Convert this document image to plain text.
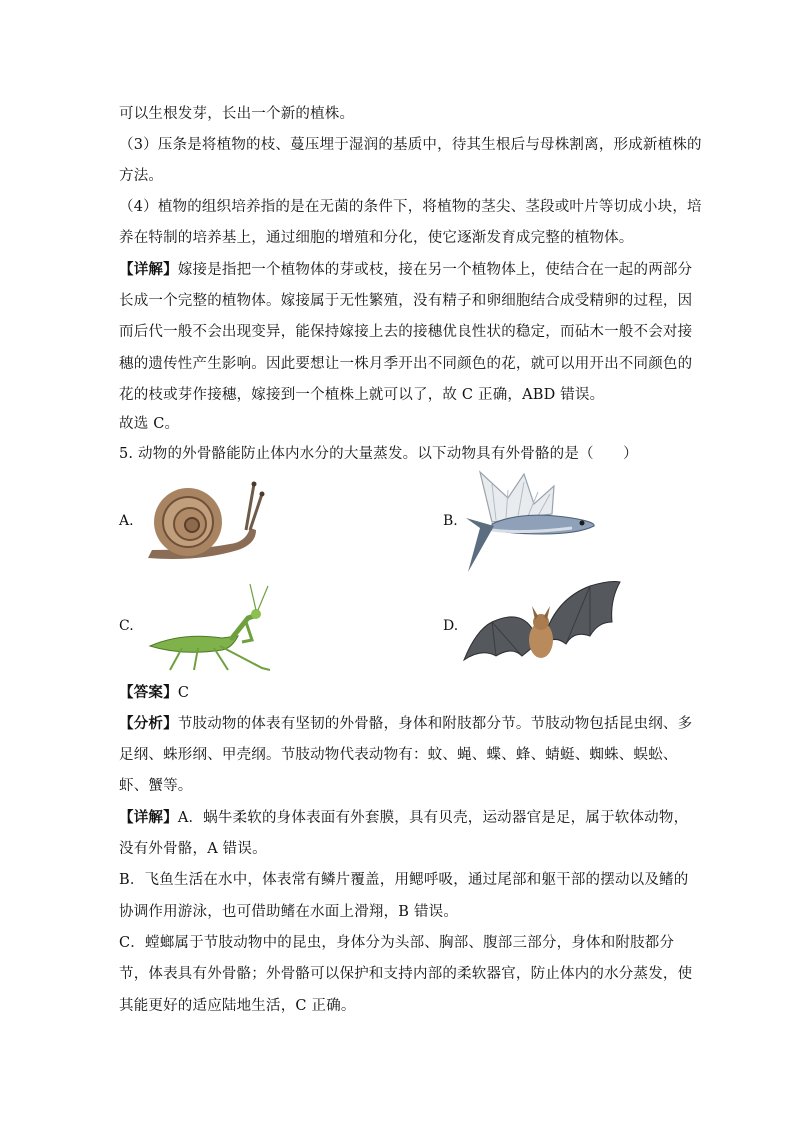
可以生根发芽，长出一个新的植株。
（3）压条是将植物的枝、蔓压埋于湿润的基质中，待其生根后与母株割离，形成新植株的
方法。
（4）植物的组织培养指的是在无菌的条件下，将植物的茎尖、茎段或叶片等切成小块，培
养在特制的培养基上，通过细胞的增殖和分化，使它逐渐发育成完整的植物体。
【详解】嫁接是指把一个植物体的芽或枝，接在另一个植物体上，使结合在一起的两部分
长成一个完整的植物体。嫁接属于无性繁殖，没有精子和卵细胞结合成受精卵的过程，因
而后代一般不会出现变异，能保持嫁接上去的接穗优良性状的稳定，而砧木一般不会对接
穗的遗传性产生影响。因此要想让一株月季开出不同颜色的花，就可以用开出不同颜色的
花的枝或芽作接穗，嫁接到一个植株上就可以了，故 C 正确，ABD 错误。
故选 C。
5. 动物的外骨骼能防止体内水分的大量蒸发。以下动物具有外骨骼的是（　　）
A.	B.
C.	D.
【答案】C
【分析】节肢动物的体表有坚韧的外骨骼，身体和附肢都分节。节肢动物包括昆虫纲、多
足纲、蛛形纲、甲壳纲。节肢动物代表动物有：蚊、蝇、蝶、蜂、蜻蜓、蜘蛛、蜈蚣、
虾、蟹等。
【详解】A．蜗牛柔软的身体表面有外套膜，具有贝壳，运动器官是足，属于软体动物，
没有外骨骼，A 错误。
B．飞鱼生活在水中，体表常有鳞片覆盖，用鳃呼吸，通过尾部和躯干部的摆动以及鳍的
协调作用游泳，也可借助鳍在水面上滑翔，B 错误。
C．螳螂属于节肢动物中的昆虫，身体分为头部、胸部、腹部三部分，身体和附肢都分
节，体表具有外骨骼；外骨骼可以保护和支持内部的柔软器官，防止体内的水分蒸发，使
其能更好的适应陆地生活，C 正确。
